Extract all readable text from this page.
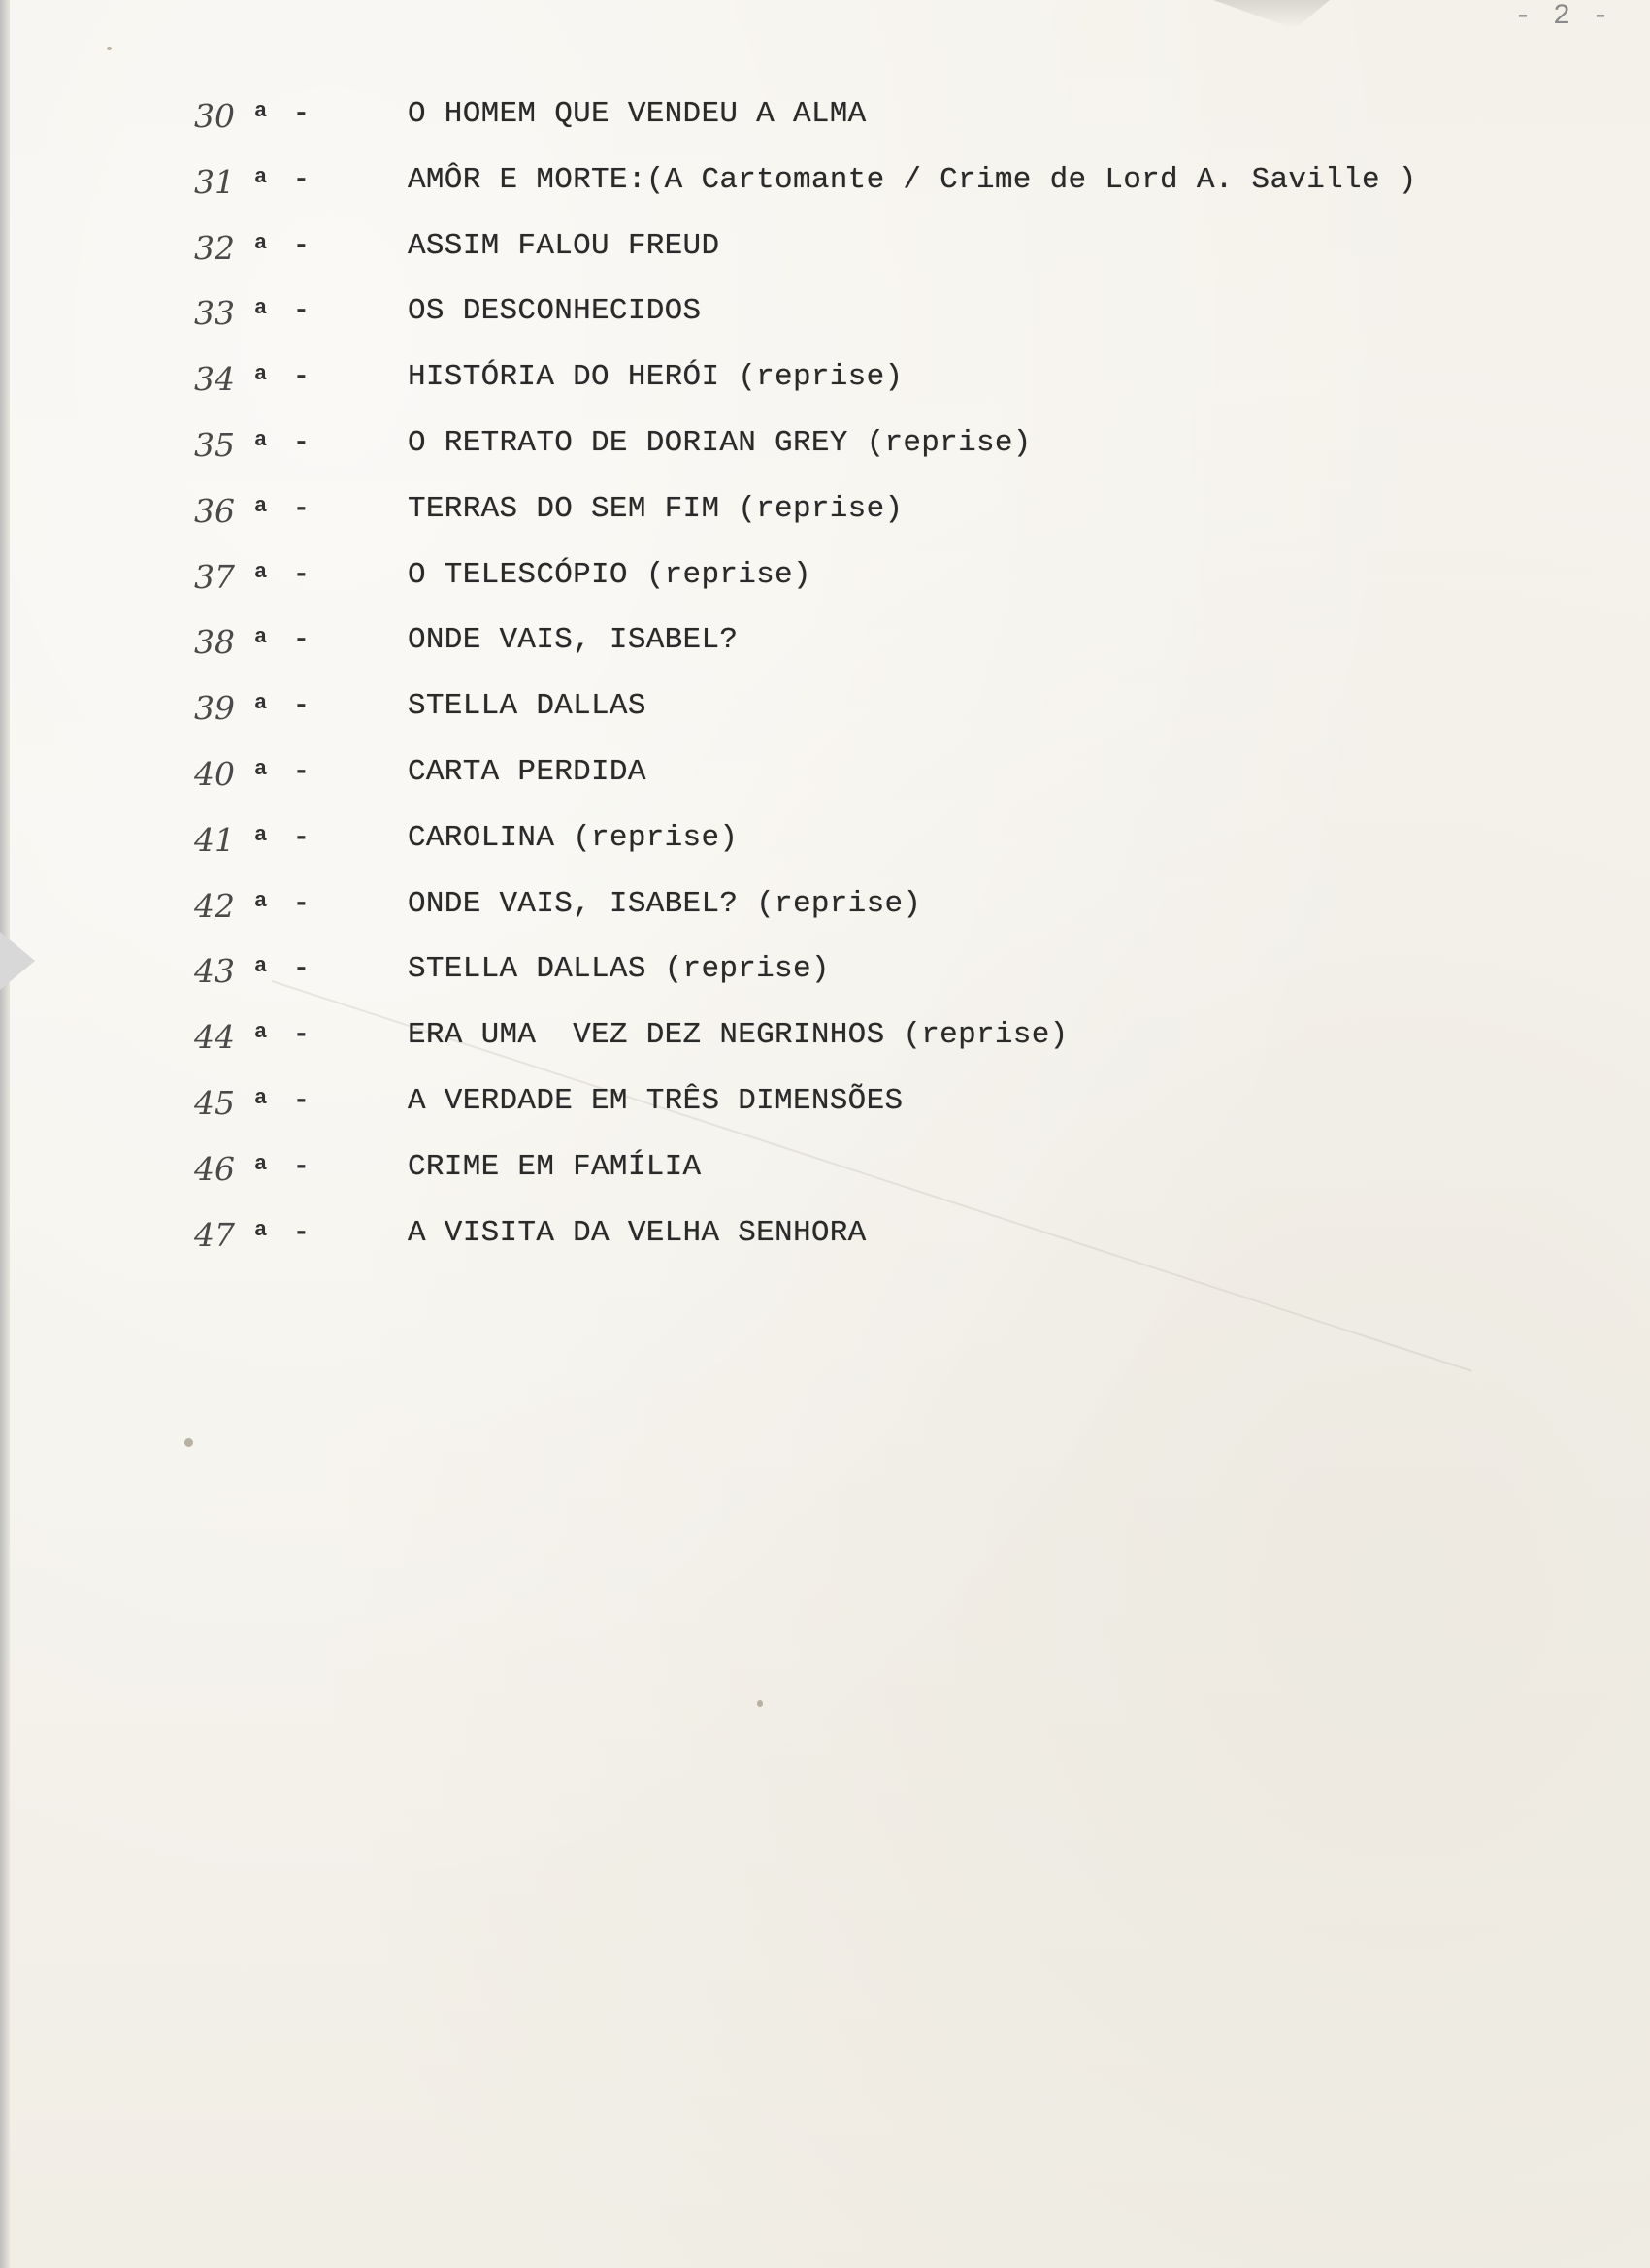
- 2 -
30 a -	O HOMEM QUE VENDEU A ALMA
31 a -	AMÔR E MORTE:(A Cartomante / Crime de Lord A. Saville )
32 a -	ASSIM FALOU FREUD
33 a -	OS DESCONHECIDOS
34 a -	HISTÓRIA DO HERÓI (reprise)
35 a -	O RETRATO DE DORIAN GREY (reprise)
36 a -	TERRAS DO SEM FIM (reprise)
37 a -	O TELESCÓPIO (reprise)
38 a -	ONDE VAIS, ISABEL?
39 a -	STELLA DALLAS
40 a -	CARTA PERDIDA
41 a -	CAROLINA (reprise)
42 a -	ONDE VAIS, ISABEL? (reprise)
43 a -	STELLA DALLAS (reprise)
44 a -	ERA UMA  VEZ DEZ NEGRINHOS (reprise)
45 a -	A VERDADE EM TRÊS DIMENSÕES
46 a -	CRIME EM FAMÍLIA
47 a -	A VISITA DA VELHA SENHORA
